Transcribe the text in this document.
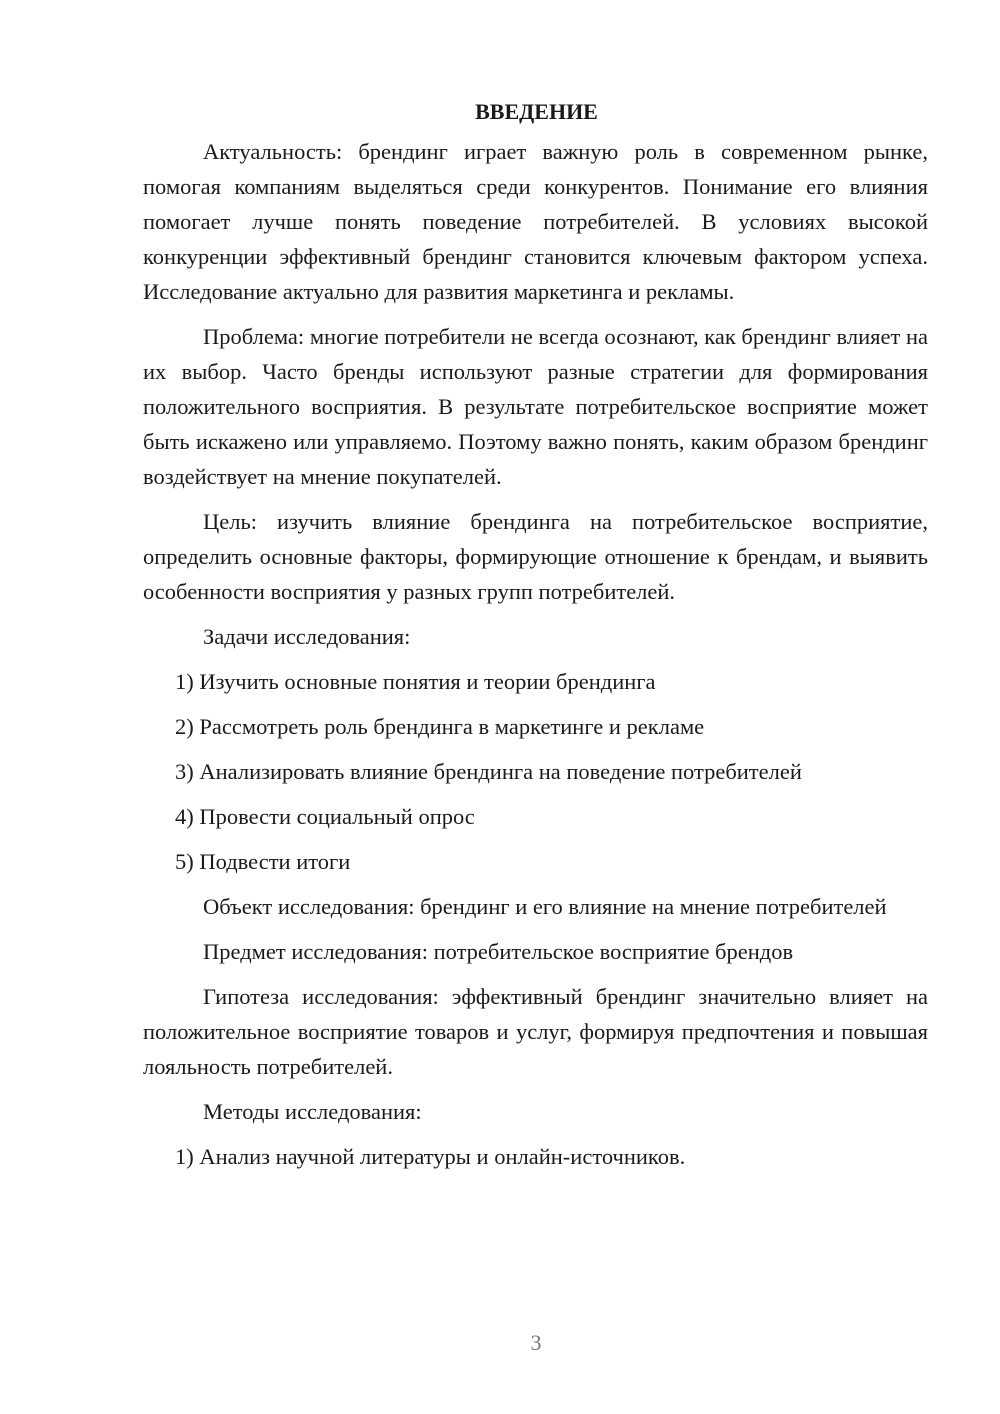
ВВЕДЕНИЕ

Актуальность: брендинг играет важную роль в современном рынке, помогая компаниям выделяться среди конкурентов. Понимание его влияния помогает лучше понять поведение потребителей. В условиях высокой конкуренции эффективный брендинг становится ключевым фактором успеха. Исследование актуально для развития маркетинга и рекламы.

Проблема: многие потребители не всегда осознают, как брендинг влияет на их выбор. Часто бренды используют разные стратегии для формирования положительного восприятия. В результате потребительское восприятие может быть искажено или управляемо. Поэтому важно понять, каким образом брендинг воздействует на мнение покупателей.

Цель: изучить влияние брендинга на потребительское восприятие, определить основные факторы, формирующие отношение к брендам, и выявить особенности восприятия у разных групп потребителей.

Задачи исследования:
1) Изучить основные понятия и теории брендинга
2) Рассмотреть роль брендинга в маркетинге и рекламе
3) Анализировать влияние брендинга на поведение потребителей
4) Провести социальный опрос
5) Подвести итоги

Объект исследования: брендинг и его влияние на мнение потребителей

Предмет исследования: потребительское восприятие брендов

Гипотеза исследования: эффективный брендинг значительно влияет на положительное восприятие товаров и услуг, формируя предпочтения и повышая лояльность потребителей.

Методы исследования:
1) Анализ научной литературы и онлайн-источников.
3
